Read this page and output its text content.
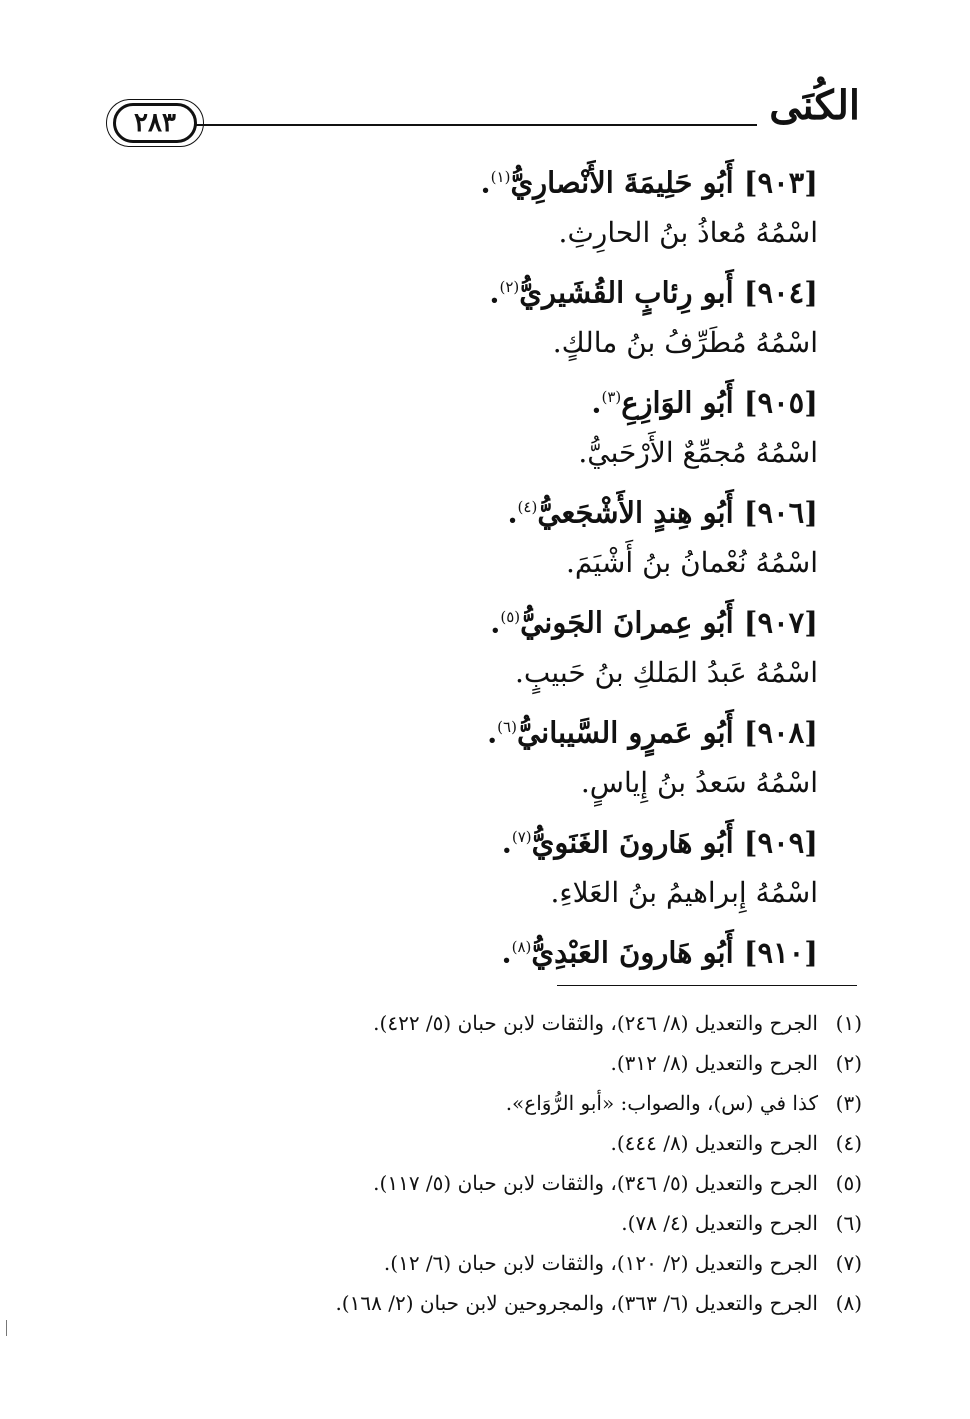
الكُنَى
٢٨٣
[٩٠٣] أَبُو حَلِيمَةَ الأَنْصارِيُّ$^{(١)}$.
اسْمُهُ مُعاذُ بنُ الحارِثِ.
[٩٠٤] أَبو رِئابٍ القُشَيريُّ$^{(٢)}$.
اسْمُهُ مُطَرِّفُ بنُ مالكٍ.
[٩٠٥] أَبُو الوَازِعِ$^{(٣)}$.
اسْمُهُ مُجمِّعٌ الأَرْحَبيُّ.
[٩٠٦] أَبُو هِندٍ الأَشْجَعيُّ$^{(٤)}$.
اسْمُهُ نُعْمانُ بنُ أَشْيَمَ.
[٩٠٧] أَبُو عِمرانَ الجَونيُّ$^{(٥)}$.
اسْمُهُ عَبدُ المَلكِ بنُ حَبيبٍ.
[٩٠٨] أَبُو عَمرٍو السَّيبانيُّ$^{(٦)}$.
اسْمُهُ سَعدُ بنُ إِياسٍ.
[٩٠٩] أَبُو هَارونَ الغَنَويُّ$^{(٧)}$.
اسْمُهُ إِبراهيمُ بنُ العَلاءِ.
[٩١٠] أَبُو هَارونَ العَبْدِيُّ$^{(٨)}$.
(١)الجرح والتعديل (٨/ ٢٤٦)، والثقات لابن حبان (٥/ ٤٢٢).
(٢)الجرح والتعديل (٨/ ٣١٢).
(٣)كذا في (س)، والصواب: «أبو الرُّوَاع».
(٤)الجرح والتعديل (٨/ ٤٤٤).
(٥)الجرح والتعديل (٥/ ٣٤٦)، والثقات لابن حبان (٥/ ١١٧).
(٦)الجرح والتعديل (٤/ ٧٨).
(٧)الجرح والتعديل (٢/ ١٢٠)، والثقات لابن حبان (٦/ ١٢).
(٨)الجرح والتعديل (٦/ ٣٦٣)، والمجروحين لابن حبان (٢/ ١٦٨).
